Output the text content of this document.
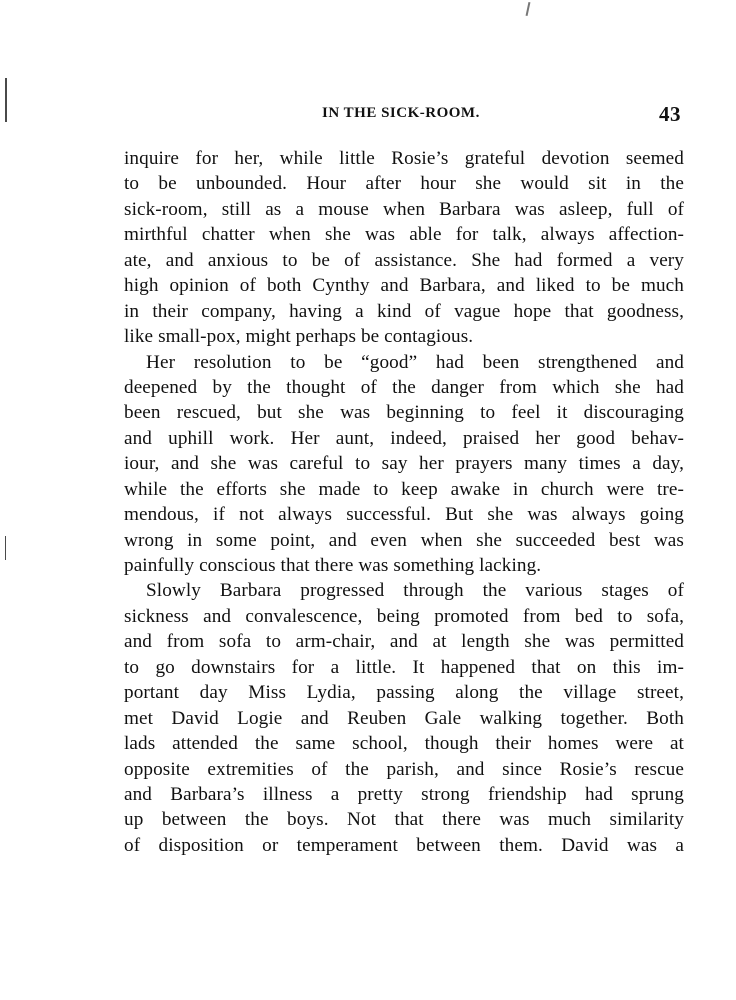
IN THE SICK-ROOM.	43
inquire for her, while little Rosie’s grateful devotion seemed
to be unbounded. Hour after hour she would sit in the
sick-room, still as a mouse when Barbara was asleep, full of
mirthful chatter when she was able for talk, always affection-
ate, and anxious to be of assistance. She had formed a very
high opinion of both Cynthy and Barbara, and liked to be much
in their company, having a kind of vague hope that goodness,
like small-pox, might perhaps be contagious.
Her resolution to be “good” had been strengthened and
deepened by the thought of the danger from which she had
been rescued, but she was beginning to feel it discouraging
and uphill work. Her aunt, indeed, praised her good behav-
iour, and she was careful to say her prayers many times a day,
while the efforts she made to keep awake in church were tre-
mendous, if not always successful. But she was always going
wrong in some point, and even when she succeeded best was
painfully conscious that there was something lacking.
Slowly Barbara progressed through the various stages of
sickness and convalescence, being promoted from bed to sofa,
and from sofa to arm-chair, and at length she was permitted
to go downstairs for a little. It happened that on this im-
portant day Miss Lydia, passing along the village street,
met David Logie and Reuben Gale walking together. Both
lads attended the same school, though their homes were at
opposite extremities of the parish, and since Rosie’s rescue
and Barbara’s illness a pretty strong friendship had sprung
up between the boys. Not that there was much similarity
of disposition or temperament between them. David was a
